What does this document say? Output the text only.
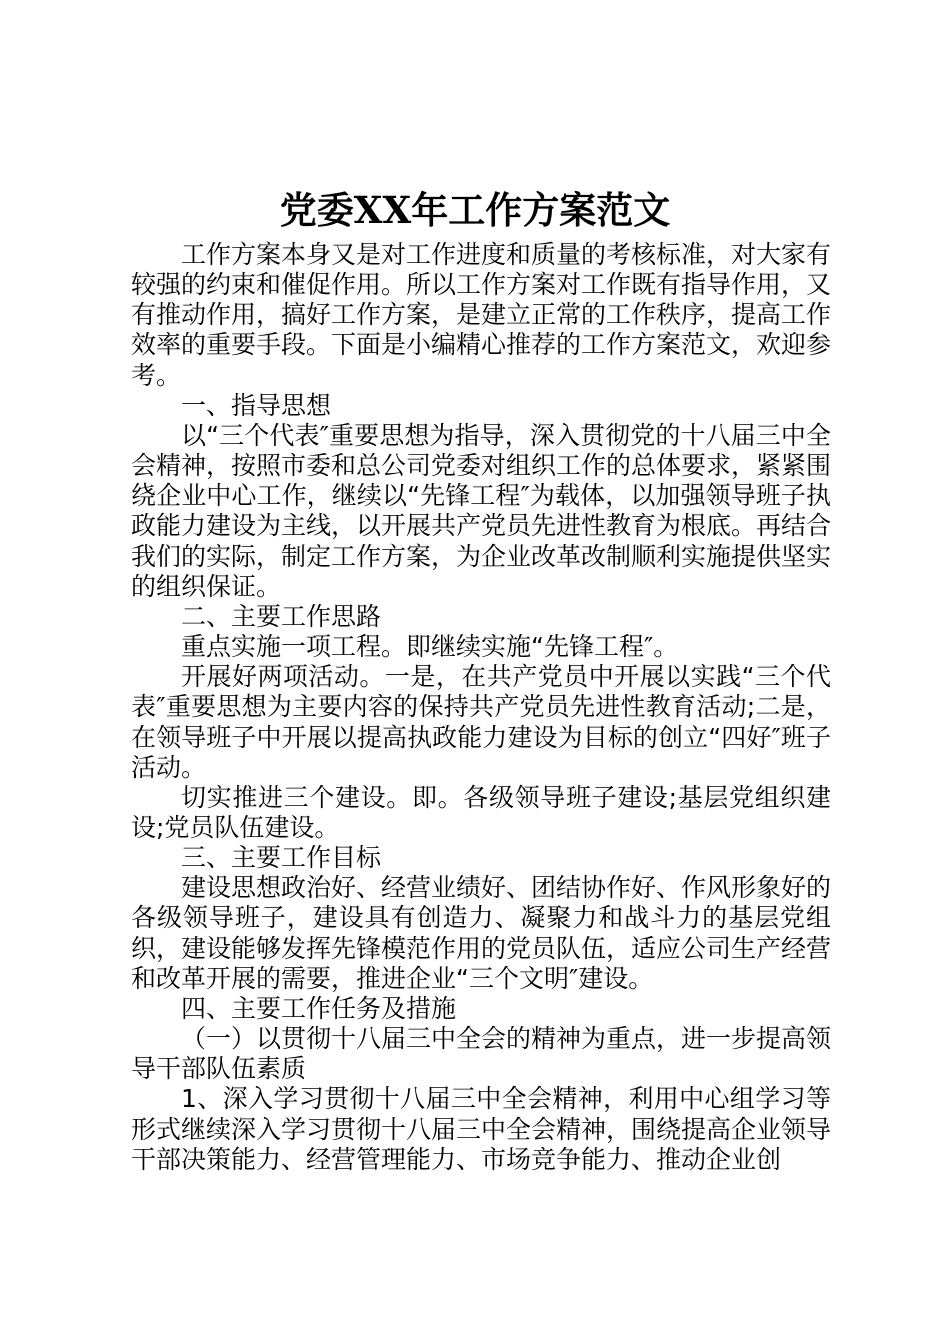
党委XX年工作方案范文

工作方案本身又是对工作进度和质量的考核标准，对大家有较强的约束和催促作用。所以工作方案对工作既有指导作用，又有推动作用，搞好工作方案，是建立正常的工作秩序，提高工作效率的重要手段。下面是小编精心推荐的工作方案范文，欢迎参考。

一、指导思想

以“三个代表″重要思想为指导，深入贯彻党的十八届三中全会精神，按照市委和总公司党委对组织工作的总体要求，紧紧围绕企业中心工作，继续以“先锋工程″为载体，以加强领导班子执政能力建设为主线，以开展共产党员先进性教育为根底。再结合我们的实际，制定工作方案，为企业改革改制顺利实施提供坚实的组织保证。

二、主要工作思路

重点实施一项工程。即继续实施“先锋工程″。

开展好两项活动。一是，在共产党员中开展以实践“三个代表″重要思想为主要内容的保持共产党员先进性教育活动;二是，在领导班子中开展以提高执政能力建设为目标的创立“四好″班子活动。

切实推进三个建设。即。各级领导班子建设;基层党组织建设;党员队伍建设。

三、主要工作目标

建设思想政治好、经营业绩好、团结协作好、作风形象好的各级领导班子，建设具有创造力、凝聚力和战斗力的基层党组织，建设能够发挥先锋模范作用的党员队伍，适应公司生产经营和改革开展的需要，推进企业“三个文明″建设。

四、主要工作任务及措施

（一）以贯彻十八届三中全会的精神为重点，进一步提高领导干部队伍素质

1、深入学习贯彻十八届三中全会精神，利用中心组学习等形式继续深入学习贯彻十八届三中全会精神，围绕提高企业领导干部决策能力、经营管理能力、市场竞争能力、推动企业创
